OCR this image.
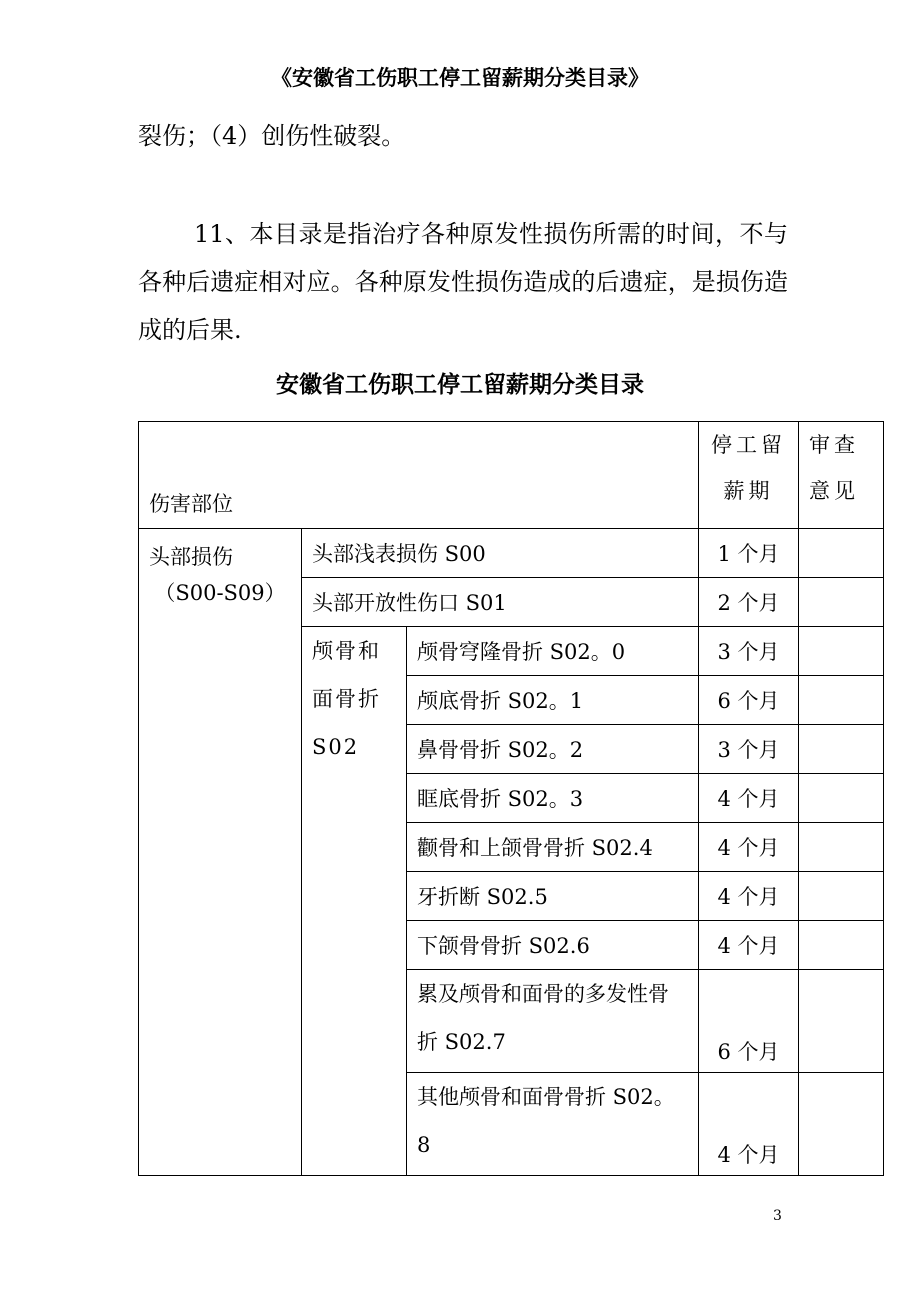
《安徽省工伤职工停工留薪期分类目录》

裂伤；（4）创伤性破裂。

11、本目录是指治疗各种原发性损伤所需的时间，不与各种后遗症相对应。各种原发性损伤造成的后遗症，是损伤造成的后果.

安徽省工伤职工停工留薪期分类目录
伤害部位			停工留薪期	审查意见

头部损伤
（S00-S09）	头部浅表损伤 S00		1 个月	
	头部开放性伤口 S01		2 个月	
	颅骨和面骨折 S02	颅骨穹隆骨折 S02。0	3 个月	
		颅底骨折 S02。1	6 个月	
		鼻骨骨折 S02。2	3 个月	
		眶底骨折 S02。3	4 个月	
		颧骨和上颌骨骨折 S02.4	4 个月	
		牙折断 S02.5	4 个月	
		下颌骨骨折 S02.6	4 个月	
		累及颅骨和面骨的多发性骨折 S02.7	6 个月	
		其他颅骨和面骨骨折 S02。8	4 个月	
3
